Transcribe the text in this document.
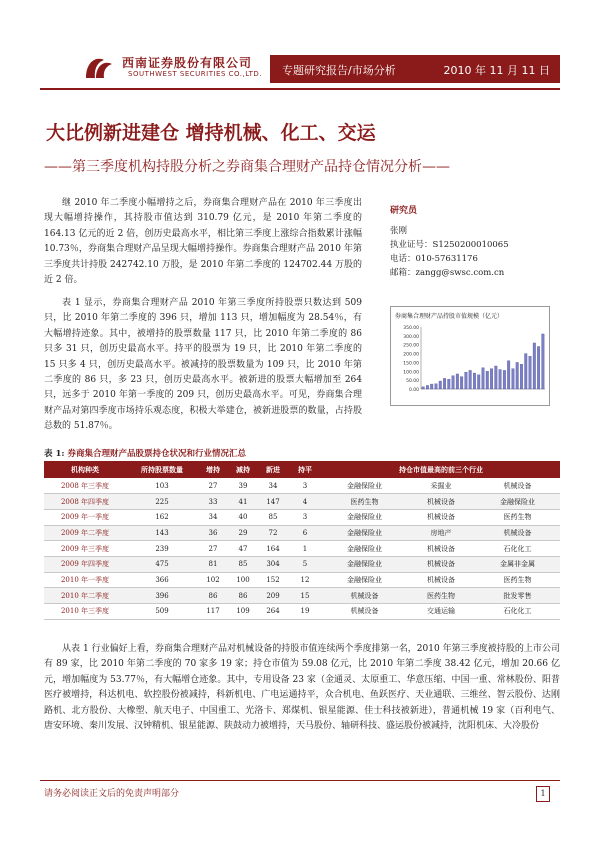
西南证券股份有限公司
SOUTHWEST SECURITIES CO.,LTD. 专题研究报告/市场分析	2010 年 11 月 11 日
大比例新进建仓 增持机械、化工、交运
——第三季度机构持股分析之券商集合理财产品持仓情况分析——
继 2010 年二季度小幅增持之后，券商集合理财产品在 2010 年三季度出现大幅增持操作，其持股市值达到 310.79 亿元，是 2010 年第二季度的 164.13 亿元的近 2 倍，创历史最高水平，相比第三季度上涨综合指数累计涨幅 10.73％，券商集合理财产品呈现大幅增持操作。券商集合理财产品 2010 年第三季度共计持股 242742.10 万股，是 2010 年第二季度的 124702.44 万股的近 2 倍。
表 1 显示，券商集合理财产品 2010 年第三季度所持股票只数达到 509 只，比 2010 年第二季度的 396 只，增加 113 只，增加幅度为 28.54％，有大幅增持迹象。其中，被增持的股票数量 117 只，比 2010 年第二季度的 86 只多 31 只，创历史最高水平。持平的股票为 19 只，比 2010 年第二季度的 15 只多 4 只，创历史最高水平。被减持的股票数量为 109 只，比 2010 年第二季度的 86 只，多 23 只，创历史最高水平。被新进的股票大幅增加至 264 只，远多于 2010 年第一季度的 209 只，创历史最高水平。可见，券商集合理财产品对第四季度市场持乐观态度，积极大举建仓，被新进股票的数量，占持股总数的 51.87％。
研究员
张刚
执业证号：S1250200010065
电话：010-57631176
邮箱：zangg@swsc.com.cn
350.00
300.00
250.00
200.00
150.00
100.00
50.00
0.00
券商集合理财产品持股市值规模（亿元）
表 1: 券商集合理财产品股票持仓状况和行业情况汇总
机构种类	所持股票数量	增持	减持	新进	持平	持仓市值最高的前三个行业		
2008 年三季度	103	27	39	34	3	金融保险业	采掘业	机械设备
2008 年四季度	225	33	41	147	4	医药生物	机械设备	金融保险业
2009 年一季度	162	34	40	85	3	金融保险业	机械设备	医药生物
2009 年二季度	143	36	29	72	6	金融保险业	房地产	机械设备
2009 年三季度	239	27	47	164	1	金融保险业	机械设备	石化化工
2009 年四季度	475	81	85	304	5	金融保险业	机械设备	金属非金属
2010 年一季度	366	102	100	152	12	金融保险业	机械设备	医药生物
2010 年二季度	396	86	86	209	15	机械设备	医药生物	批发零售
2010 年三季度	509	117	109	264	19	机械设备	交通运输	石化化工
从表 1 行业偏好上看，券商集合理财产品对机械设备的持股市值连续两个季度排第一名，2010 年第三季度被持股的上市公司有 89 家，比 2010 年第二季度的 70 家多 19 家；持仓市值为 59.08 亿元，比 2010 年第二季度 38.42 亿元，增加 20.66 亿元，增加幅度为 53.77％，有大幅增仓迹象。其中，专用设备 23 家（金通灵、太原重工、华意压缩、中国一重、常林股份、阳普医疗被增持，科达机电、软控股份被减持，科新机电、广电运通持平，众合机电、鱼跃医疗、天业通联、三维丝、智云股份、达刚路机、北方股份、大橡塑、航天电子、中国重工、光洛卡、郑煤机、银星能源、佳士科技被新进），普通机械 19 家（百利电气、唐安环境、秦川发展、汉钟精机、银星能源、陕鼓动力被增持，天马股份、轴研科技、盛运股份被减持，沈阳机床、大冷股份
请务必阅读正文后的免责声明部分	1
